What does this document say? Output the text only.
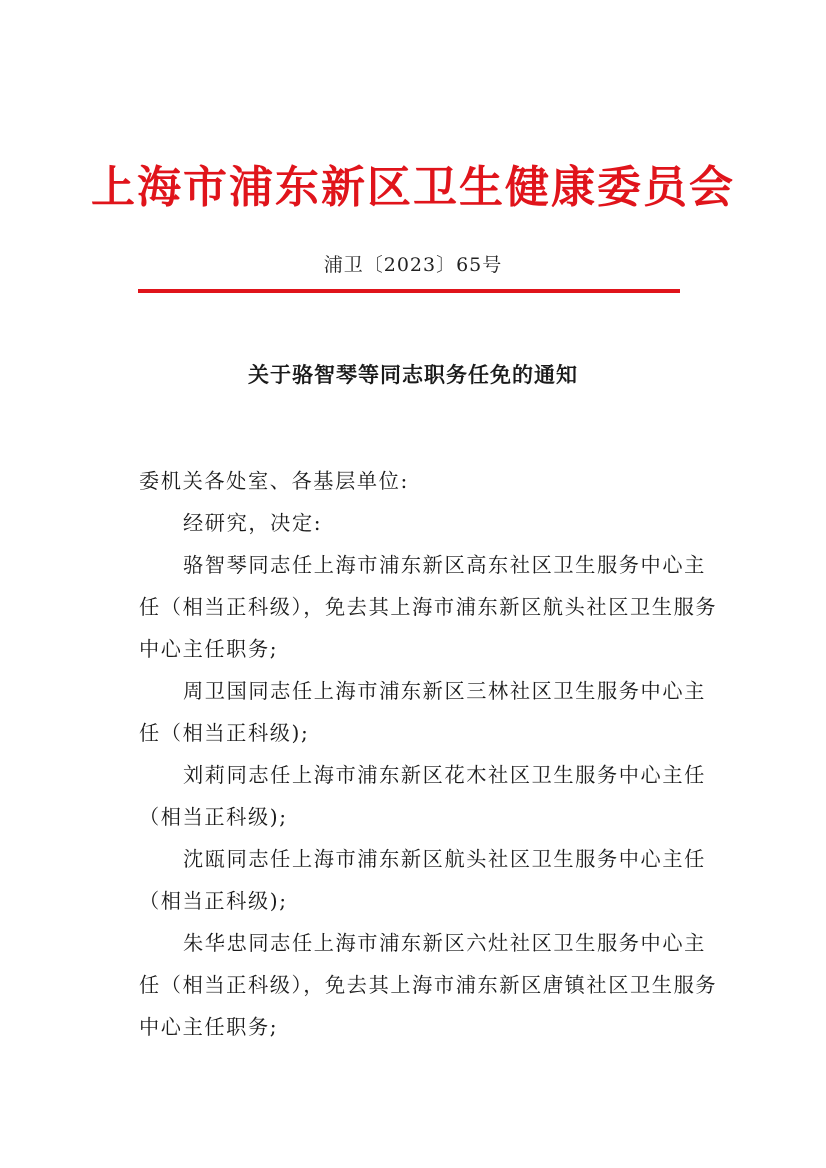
上海市浦东新区卫生健康委员会
浦卫〔2023〕65号
关于骆智琴等同志职务任免的通知

委机关各处室、各基层单位:

经研究，决定:

骆智琴同志任上海市浦东新区高东社区卫生服务中心主任（相当正科级），免去其上海市浦东新区航头社区卫生服务中心主任职务;

周卫国同志任上海市浦东新区三林社区卫生服务中心主任（相当正科级);

刘莉同志任上海市浦东新区花木社区卫生服务中心主任（相当正科级);

沈瓯同志任上海市浦东新区航头社区卫生服务中心主任（相当正科级);

朱华忠同志任上海市浦东新区六灶社区卫生服务中心主任（相当正科级），免去其上海市浦东新区唐镇社区卫生服务中心主任职务;
